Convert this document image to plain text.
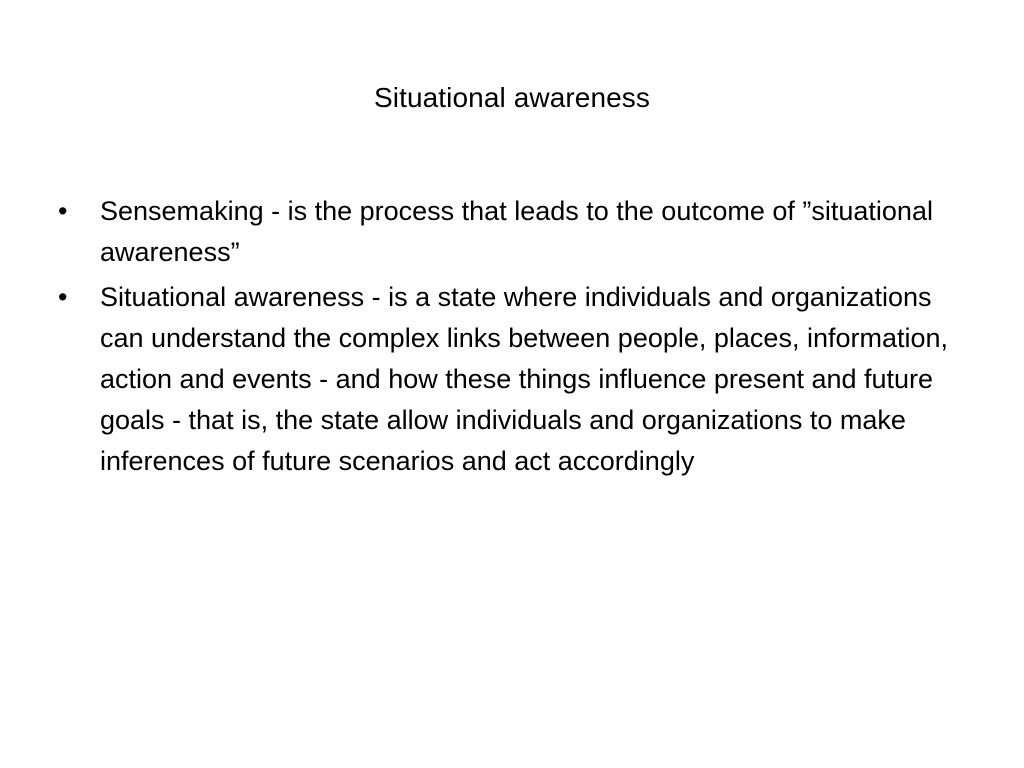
Situational awareness
•	Sensemaking - is the process that leads to the outcome of ”situational awareness”
•	Situational awareness - is a state where individuals and organizations can understand the complex links between people, places, information, action and events - and how these things influence present and future goals - that is, the state allow individuals and organizations to make inferences of future scenarios and act accordingly
